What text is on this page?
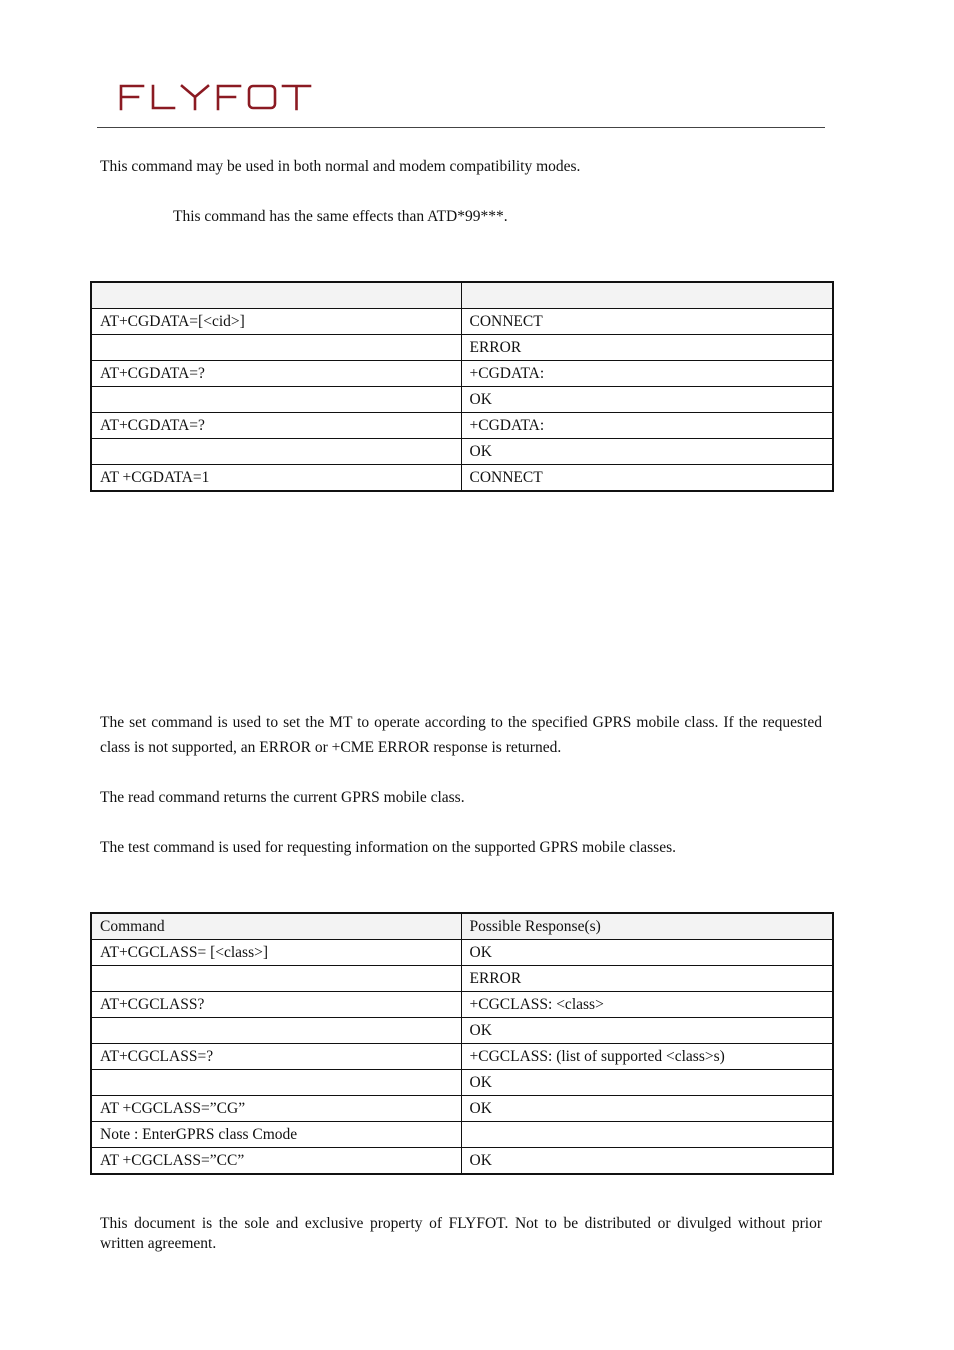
This command may be used in both normal and modem compatibility modes.

This command has the same effects than ATD*99***.

AT+CGDATA=[<cid>]	CONNECT
	ERROR
AT+CGDATA=?	+CGDATA:
	OK
AT+CGDATA=?	+CGDATA:
	OK
AT +CGDATA=1	CONNECT

The set command is used to set the MT to operate according to the specified GPRS mobile class. If the requested class is not supported, an ERROR or +CME ERROR response is returned.

The read command returns the current GPRS mobile class.

The test command is used for requesting information on the supported GPRS mobile classes.

Command	Possible Response(s)
AT+CGCLASS= [<class>]	OK
	ERROR
AT+CGCLASS?	+CGCLASS: <class>
	OK
AT+CGCLASS=?	+CGCLASS: (list of supported <class>s)
	OK
AT +CGCLASS=”CG”	OK
Note : EnterGPRS class Cmode	
AT +CGCLASS=”CC”	OK

This document is the sole and exclusive property of FLYFOT. Not to be distributed or divulged without prior written agreement.
